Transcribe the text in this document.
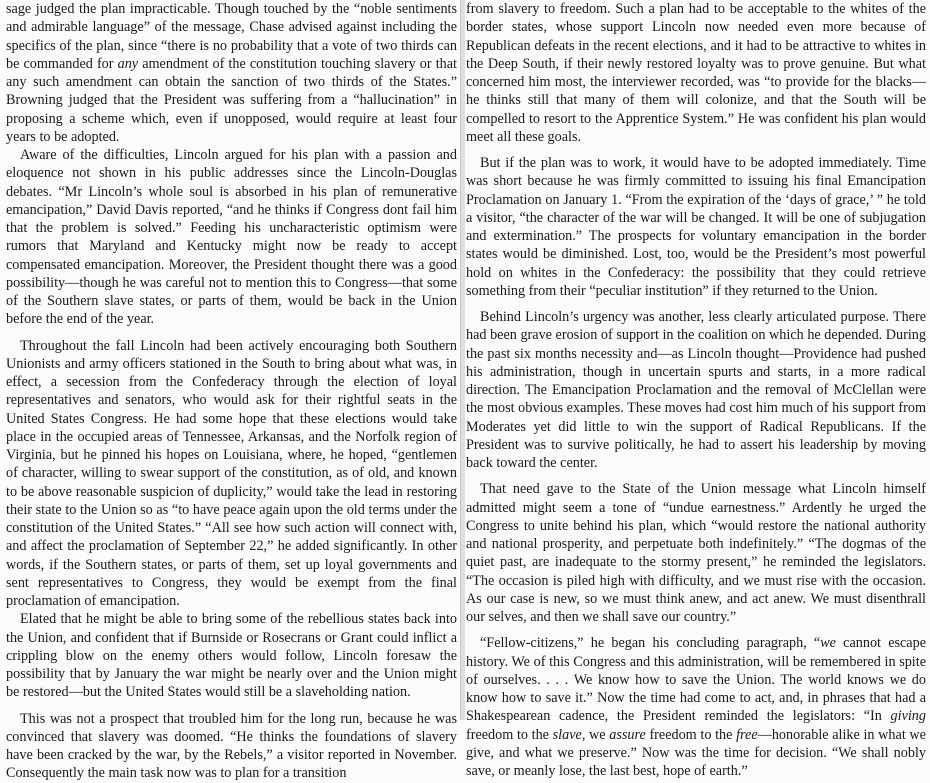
sage judged the plan impracticable. Though touched by the “noble sentiments and admirable language” of the message, Chase advised against including the specifics of the plan, since “there is no probability that a vote of two thirds can be commanded for any amendment of the constitution touching slavery or that any such amendment can obtain the sanction of two thirds of the States.” Browning judged that the President was suffering from a “hallucination” in proposing a scheme which, even if unopposed, would require at least four years to be adopted.

Aware of the difficulties, Lincoln argued for his plan with a passion and eloquence not shown in his public addresses since the Lincoln-Douglas debates. “Mr Lincoln’s whole soul is absorbed in his plan of remunerative emancipation,” David Davis reported, “and he thinks if Congress dont fail him that the problem is solved.” Feeding his uncharacteristic optimism were rumors that Maryland and Kentucky might now be ready to accept compensated emancipation. Moreover, the President thought there was a good possibility—though he was careful not to mention this to Congress—that some of the Southern slave states, or parts of them, would be back in the Union before the end of the year.

Throughout the fall Lincoln had been actively encouraging both Southern Unionists and army officers stationed in the South to bring about what was, in effect, a secession from the Confederacy through the election of loyal representatives and senators, who would ask for their rightful seats in the United States Congress. He had some hope that these elections would take place in the occupied areas of Tennessee, Arkansas, and the Norfolk region of Virginia, but he pinned his hopes on Louisiana, where, he hoped, “gentlemen of character, willing to swear support of the constitution, as of old, and known to be above reasonable suspicion of duplicity,” would take the lead in restoring their state to the Union so as “to have peace again upon the old terms under the constitution of the United States.” “All see how such action will connect with, and affect the proclamation of September 22,” he added significantly. In other words, if the Southern states, or parts of them, set up loyal governments and sent representatives to Congress, they would be exempt from the final proclamation of emancipation.

Elated that he might be able to bring some of the rebellious states back into the Union, and confident that if Burnside or Rosecrans or Grant could inflict a crippling blow on the enemy others would follow, Lincoln foresaw the possibility that by January the war might be nearly over and the Union might be restored—but the United States would still be a slaveholding nation.

This was not a prospect that troubled him for the long run, because he was convinced that slavery was doomed. “He thinks the foundations of slavery have been cracked by the war, by the Rebels,” a visitor reported in November. Consequently the main task now was to plan for a transition

from slavery to freedom. Such a plan had to be acceptable to the whites of the border states, whose support Lincoln now needed even more because of Republican defeats in the recent elections, and it had to be attractive to whites in the Deep South, if their newly restored loyalty was to prove genuine. But what concerned him most, the interviewer recorded, was “to provide for the blacks—he thinks still that many of them will colonize, and that the South will be compelled to resort to the Apprentice System.” He was confident his plan would meet all these goals.

But if the plan was to work, it would have to be adopted immediately. Time was short because he was firmly committed to issuing his final Emancipation Proclamation on January 1. “From the expiration of the ‘days of grace,’ ” he told a visitor, “the character of the war will be changed. It will be one of subjugation and extermination.” The prospects for voluntary emancipation in the border states would be diminished. Lost, too, would be the President’s most powerful hold on whites in the Confederacy: the possibility that they could retrieve something from their “peculiar institution” if they returned to the Union.

Behind Lincoln’s urgency was another, less clearly articulated purpose. There had been grave erosion of support in the coalition on which he depended. During the past six months necessity and—as Lincoln thought—Providence had pushed his administration, though in uncertain spurts and starts, in a more radical direction. The Emancipation Proclamation and the removal of McClellan were the most obvious examples. These moves had cost him much of his support from Moderates yet did little to win the support of Radical Republicans. If the President was to survive politically, he had to assert his leadership by moving back toward the center.

That need gave to the State of the Union message what Lincoln himself admitted might seem a tone of “undue earnestness.” Ardently he urged the Congress to unite behind his plan, which “would restore the national authority and national prosperity, and perpetuate both indefinitely.” “The dogmas of the quiet past, are inadequate to the stormy present,” he reminded the legislators. “The occasion is piled high with difficulty, and we must rise with the occasion. As our case is new, so we must think anew, and act anew. We must disenthrall our selves, and then we shall save our country.”

“Fellow-citizens,” he began his concluding paragraph, “we cannot escape history. We of this Congress and this administration, will be remembered in spite of ourselves. . . . We know how to save the Union. The world knows we do know how to save it.” Now the time had come to act, and, in phrases that had a Shakespearean cadence, the President reminded the legislators: “In giving freedom to the slave, we assure freedom to the free—honorable alike in what we give, and what we preserve.” Now was the time for decision. “We shall nobly save, or meanly lose, the last best, hope of earth.”
